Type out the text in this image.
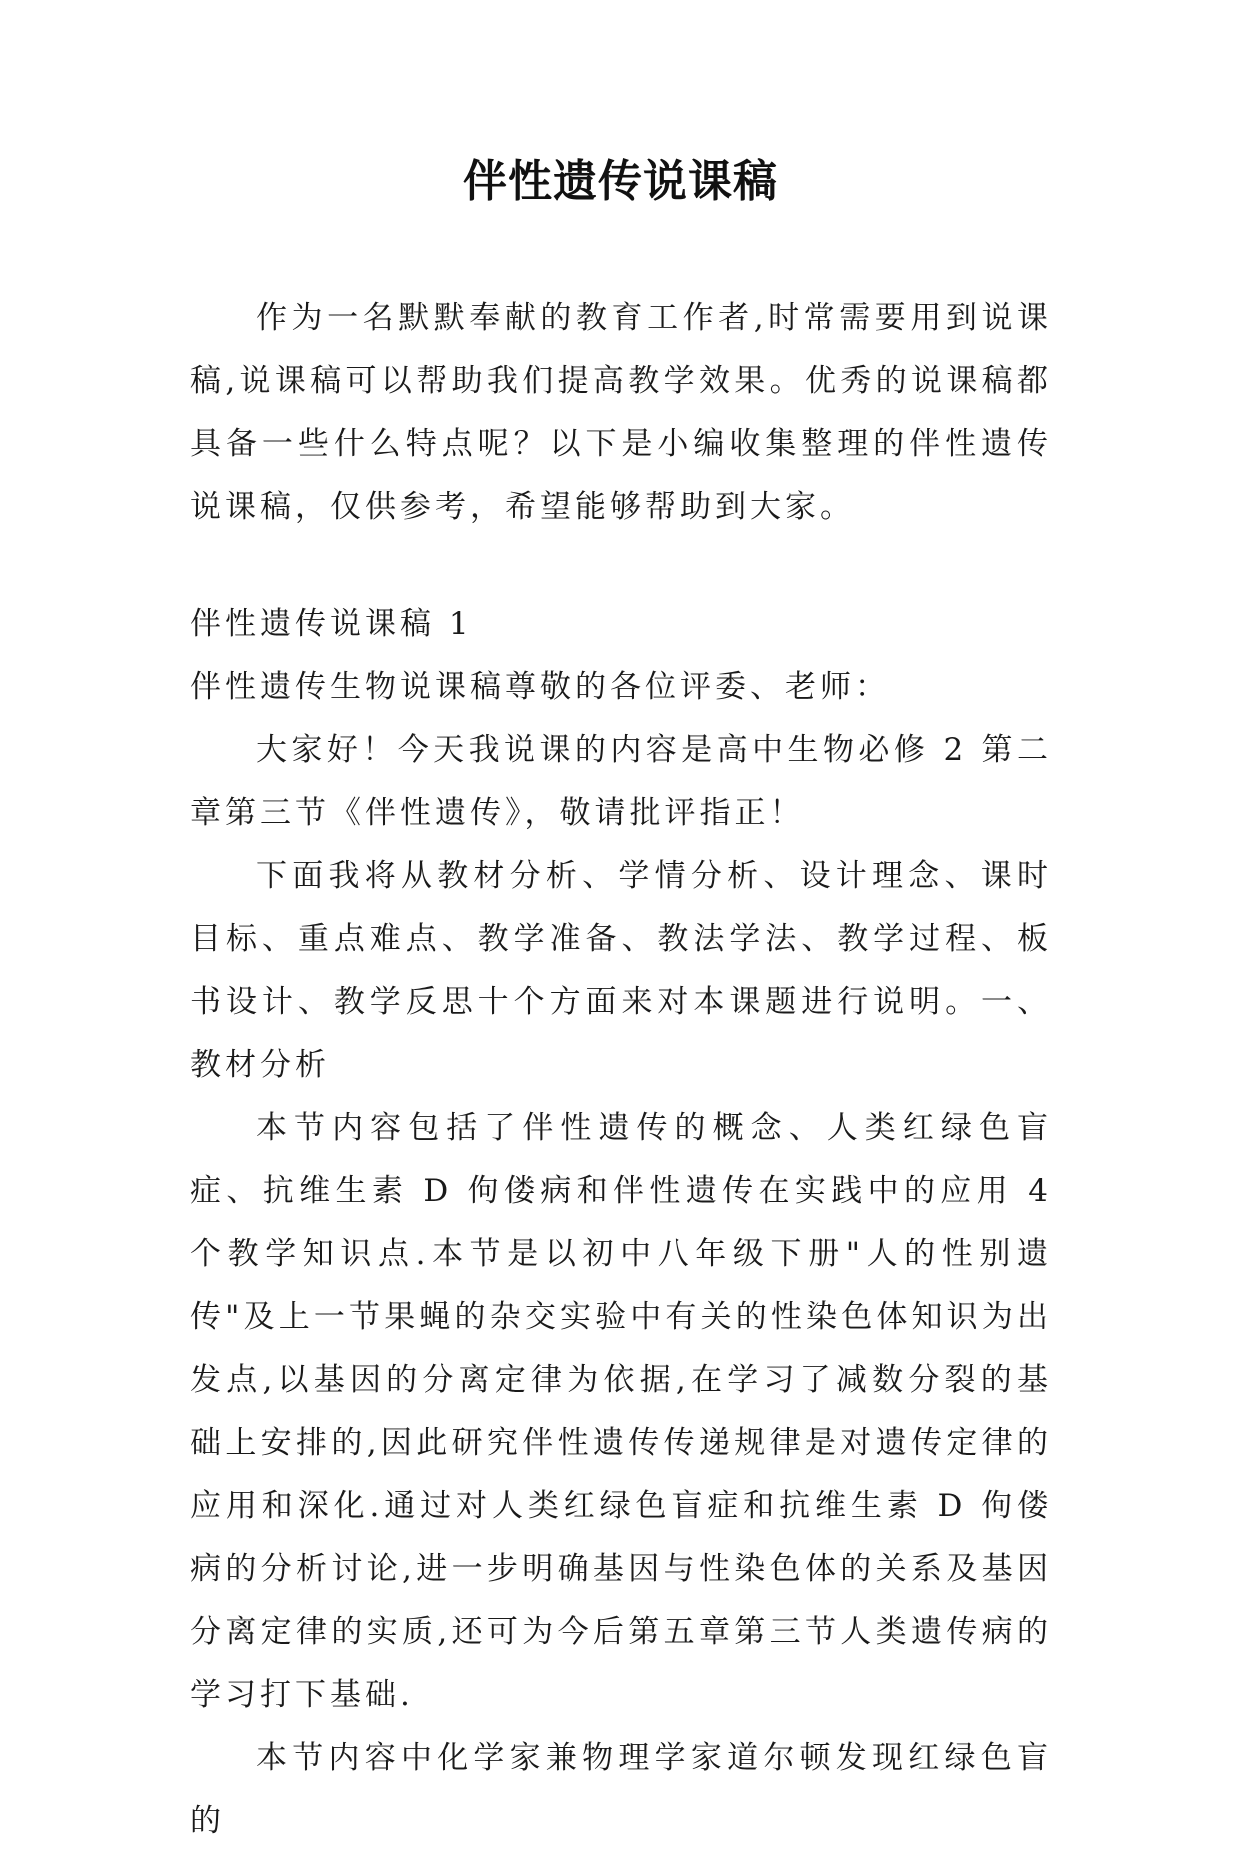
伴性遗传说课稿

作为一名默默奉献的教育工作者,时常需要用到说课稿,说课稿可以帮助我们提高教学效果。优秀的说课稿都具备一些什么特点呢？以下是小编收集整理的伴性遗传说课稿，仅供参考，希望能够帮助到大家。

伴性遗传说课稿 1

伴性遗传生物说课稿尊敬的各位评委、老师：

大家好！今天我说课的内容是高中生物必修 2 第二章第三节《伴性遗传》，敬请批评指正！

下面我将从教材分析、学情分析、设计理念、课时目标、重点难点、教学准备、教法学法、教学过程、板书设计、教学反思十个方面来对本课题进行说明。一、教材分析

本节内容包括了伴性遗传的概念、人类红绿色盲症、抗维生素 D 佝偻病和伴性遗传在实践中的应用 4 个教学知识点.本节是以初中八年级下册"人的性别遗传"及上一节果蝇的杂交实验中有关的性染色体知识为出发点,以基因的分离定律为依据,在学习了减数分裂的基础上安排的,因此研究伴性遗传传递规律是对遗传定律的应用和深化.通过对人类红绿色盲症和抗维生素 D 佝偻病的分析讨论,进一步明确基因与性染色体的关系及基因分离定律的实质,还可为今后第五章第三节人类遗传病的学习打下基础.

本节内容中化学家兼物理学家道尔顿发现红绿色盲的
